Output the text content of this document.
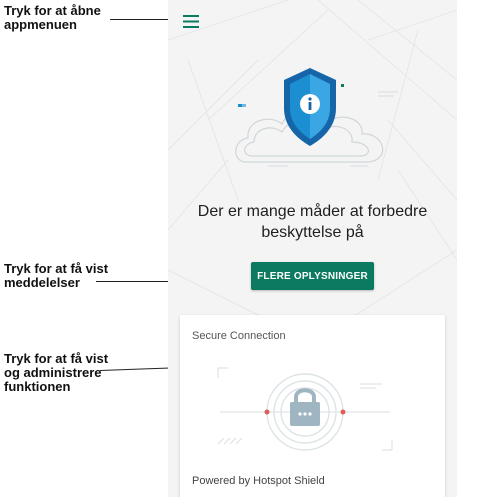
Tryk for at åbne
appmenuen
Tryk for at få vist
meddelelser
Tryk for at få vist
og administrere
funktionen
Der er mange måder at forbedre
beskyttelse på
FLERE OPLYSNINGER
Secure Connection
Powered by Hotspot Shield
